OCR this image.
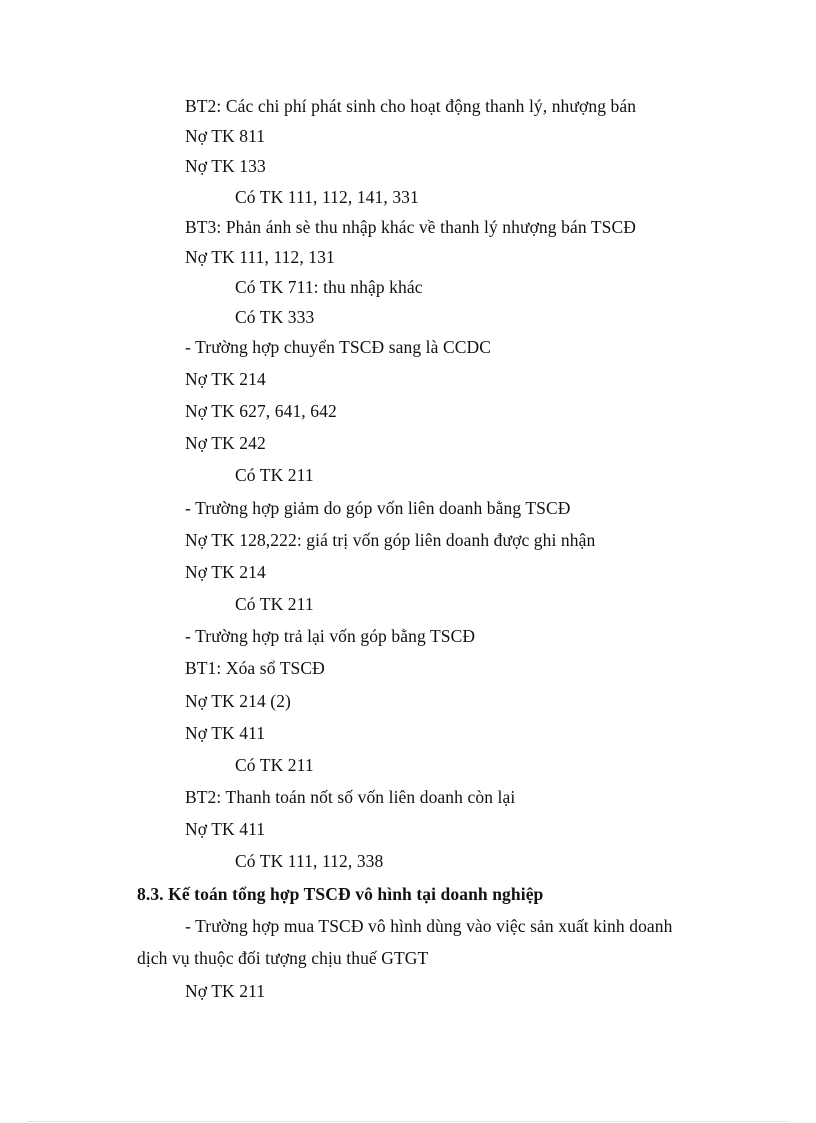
BT2: Các chi phí phát sinh cho hoạt động thanh lý, nhượng bán
Nợ TK 811
Nợ TK 133
Có TK 111, 112, 141, 331
BT3: Phản ánh sè thu nhập khác về thanh lý nhượng bán TSCĐ
Nợ TK 111, 112, 131
Có TK 711: thu nhập khác
Có TK 333
- Trường hợp chuyển TSCĐ sang là CCDC
Nợ TK 214
Nợ TK 627, 641, 642
Nợ TK 242
Có TK 211
- Trường hợp giảm do góp vốn liên doanh bằng TSCĐ
Nợ TK 128,222: giá trị vốn góp liên doanh được ghi nhận
Nợ TK 214
Có TK 211
- Trường hợp trả lại vốn góp bằng TSCĐ
BT1: Xóa sổ TSCĐ
Nợ TK 214 (2)
Nợ TK 411
Có TK 211
BT2: Thanh toán nốt số vốn liên doanh còn lại
Nợ TK 411
Có TK 111, 112, 338
8.3. Kế toán tổng hợp TSCĐ vô hình tại doanh nghiệp
- Trường hợp mua TSCĐ vô hình dùng vào việc sản xuất kinh doanh
dịch vụ thuộc đối tượng chịu thuế GTGT
Nợ TK 211
